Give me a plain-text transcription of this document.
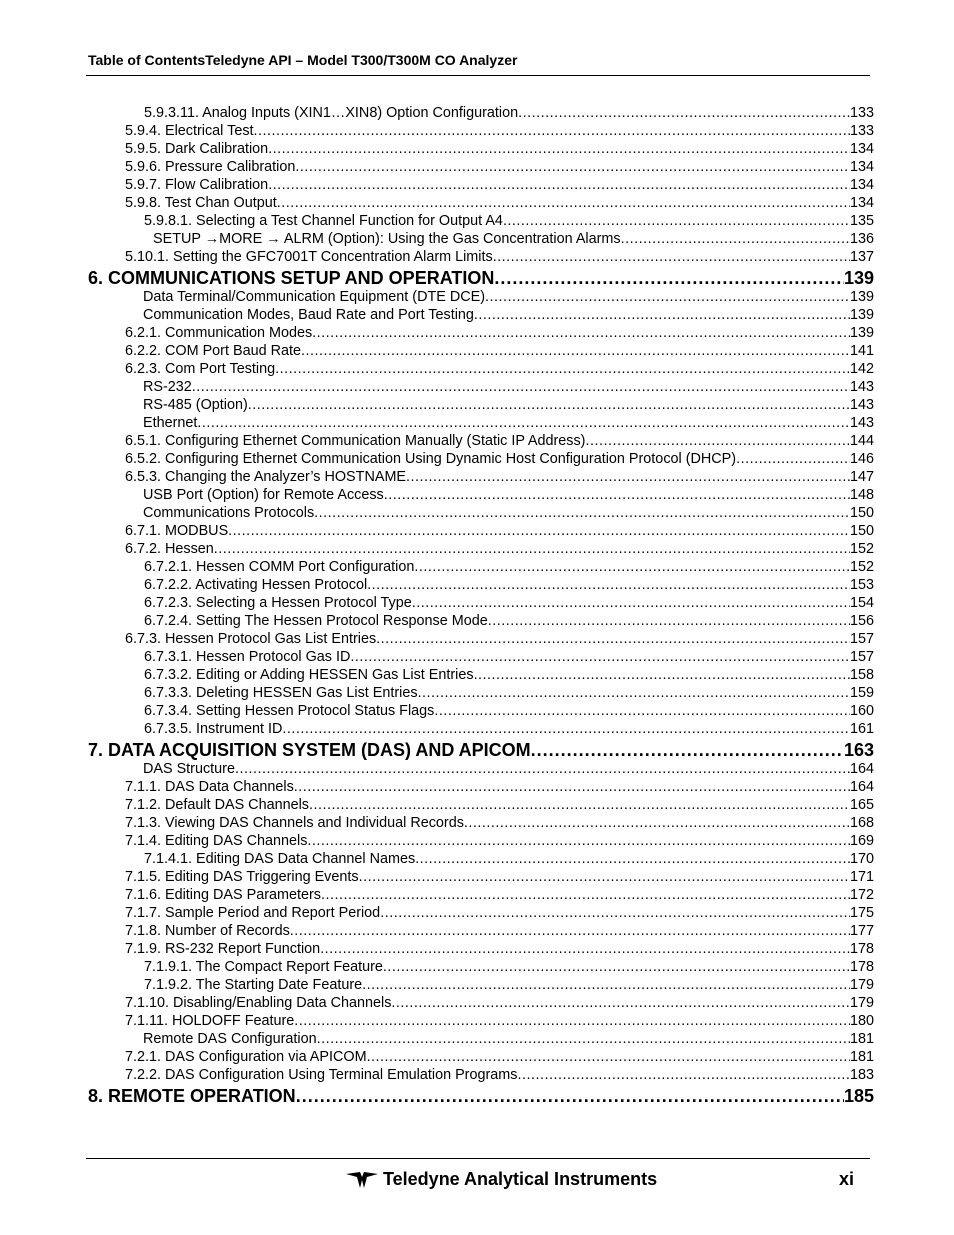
Table of ContentsTeledyne API – Model T300/T300M CO Analyzer
5.9.3.11. Analog Inputs (XIN1…XIN8) Option Configuration .....	133
5.9.4. Electrical Test .....	133
5.9.5. Dark Calibration .....	134
5.9.6. Pressure Calibration .....	134
5.9.7. Flow Calibration .....	134
5.9.8. Test Chan Output .....	134
5.9.8.1. Selecting a Test Channel Function for Output A4 .....	135
SETUP →MORE → ALRM (Option): Using the Gas Concentration Alarms .....	136
5.10.1. Setting the GFC7001T Concentration Alarm Limits .....	137
6. COMMUNICATIONS SETUP AND OPERATION .....	139
Data Terminal/Communication Equipment (DTE DCE) .....	139
Communication Modes, Baud Rate and Port Testing .....	139
6.2.1. Communication Modes .....	139
6.2.2. COM Port Baud Rate .....	141
6.2.3. Com Port Testing .....	142
RS-232 .....	143
RS-485 (Option) .....	143
Ethernet .....	143
6.5.1. Configuring Ethernet Communication Manually (Static IP Address) .....	144
6.5.2. Configuring Ethernet Communication Using Dynamic Host Configuration Protocol (DHCP) .....	146
6.5.3. Changing the Analyzer’s HOSTNAME .....	147
USB Port (Option) for Remote Access .....	148
Communications Protocols .....	150
6.7.1. MODBUS .....	150
6.7.2. Hessen .....	152
6.7.2.1. Hessen COMM Port Configuration .....	152
6.7.2.2. Activating Hessen Protocol .....	153
6.7.2.3. Selecting a Hessen Protocol Type .....	154
6.7.2.4. Setting The Hessen Protocol Response Mode .....	156
6.7.3. Hessen Protocol Gas List Entries .....	157
6.7.3.1. Hessen Protocol Gas ID .....	157
6.7.3.2. Editing or Adding HESSEN Gas List Entries .....	158
6.7.3.3. Deleting HESSEN Gas List Entries .....	159
6.7.3.4. Setting Hessen Protocol Status Flags .....	160
6.7.3.5. Instrument ID .....	161
7. DATA ACQUISITION SYSTEM (DAS) AND APICOM .....	163
DAS Structure .....	164
7.1.1. DAS Data Channels .....	164
7.1.2. Default DAS Channels .....	165
7.1.3. Viewing DAS Channels and Individual Records .....	168
7.1.4. Editing DAS Channels .....	169
7.1.4.1. Editing DAS Data Channel Names .....	170
7.1.5. Editing DAS Triggering Events .....	171
7.1.6. Editing DAS Parameters .....	172
7.1.7. Sample Period and Report Period .....	175
7.1.8. Number of Records .....	177
7.1.9. RS-232 Report Function .....	178
7.1.9.1. The Compact Report Feature .....	178
7.1.9.2. The Starting Date Feature .....	179
7.1.10. Disabling/Enabling Data Channels .....	179
7.1.11. HOLDOFF Feature .....	180
Remote DAS Configuration .....	181
7.2.1. DAS Configuration via APICOM .....	181
7.2.2. DAS Configuration Using Terminal Emulation Programs .....	183
8. REMOTE OPERATION .....	185
Teledyne Analytical Instruments	xi
